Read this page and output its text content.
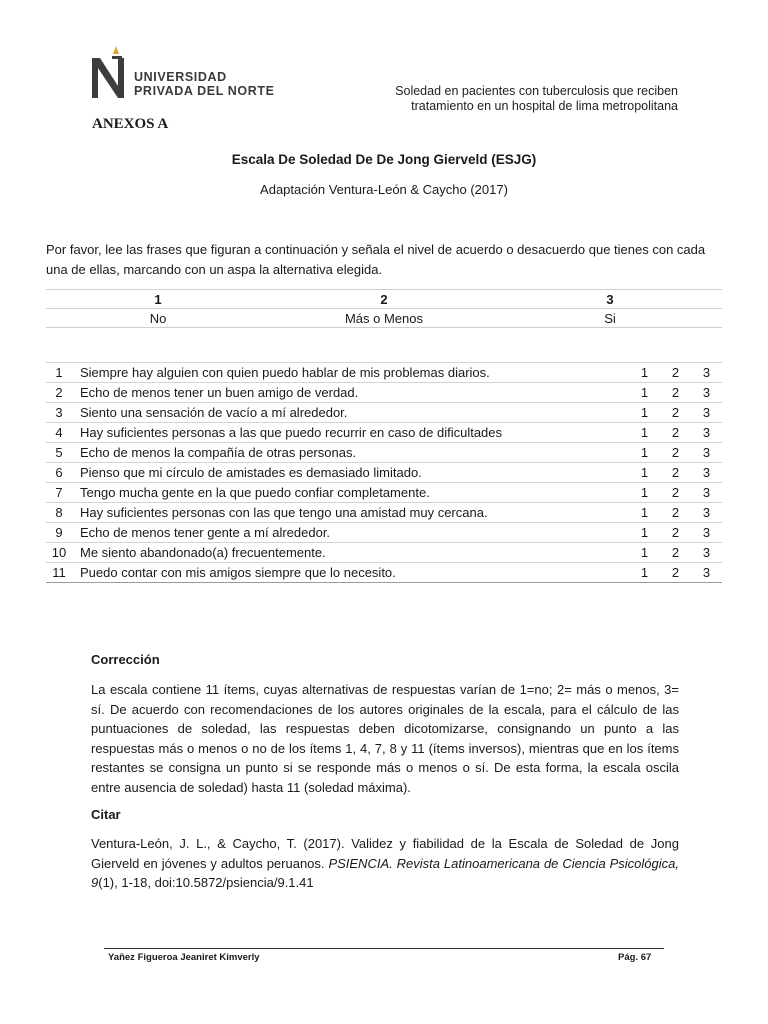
UNIVERSIDAD
PRIVADA DEL NORTE	Soledad en pacientes con tuberculosis que reciben
tratamiento en un hospital de lima metropolitana
ANEXOS A
Escala De Soledad De De Jong Gierveld (ESJG)
Adaptación Ventura-León & Caycho (2017)
Por favor, lee las frases que figuran a continuación y señala el nivel de acuerdo o desacuerdo que tienes con cada una de ellas, marcando con un aspa la alternativa elegida.
1	2	3
No	Más o Menos	Si
1	Siempre hay alguien con quien puedo hablar de mis problemas diarios.	1	2	3
2	Echo de menos tener un buen amigo de verdad.	1	2	3
3	Siento una sensación de vacío a mí alrededor.	1	2	3
4	Hay suficientes personas a las que puedo recurrir en caso de dificultades	1	2	3
5	Echo de menos la compañía de otras personas.	1	2	3
6	Pienso que mi círculo de amistades es demasiado limitado.	1	2	3
7	Tengo mucha gente en la que puedo confiar completamente.	1	2	3
8	Hay suficientes personas con las que tengo una amistad muy cercana.	1	2	3
9	Echo de menos tener gente a mí alrededor.	1	2	3
10	Me siento abandonado(a) frecuentemente.	1	2	3
11	Puedo contar con mis amigos siempre que lo necesito.	1	2	3
Corrección
La escala contiene 11 ítems, cuyas alternativas de respuestas varían de 1=no; 2= más o menos, 3= sí. De acuerdo con recomendaciones de los autores originales de la escala, para el cálculo de las puntuaciones de soledad, las respuestas deben dicotomizarse, consignando un punto a las respuestas más o menos o no de los ítems 1, 4, 7, 8 y 11 (ítems inversos), mientras que en los ítems restantes se consigna un punto si se responde más o menos o sí. De esta forma, la escala oscila entre ausencia de soledad) hasta 11 (soledad máxima).
Citar
Ventura-León, J. L., & Caycho, T. (2017). Validez y fiabilidad de la Escala de Soledad de Jong Gierveld en jóvenes y adultos peruanos. PSIENCIA. Revista Latinoamericana de Ciencia Psicológica, 9(1), 1-18, doi:10.5872/psiencia/9.1.41
Yañez Figueroa Jeaniret Kimverly	Pág. 67
